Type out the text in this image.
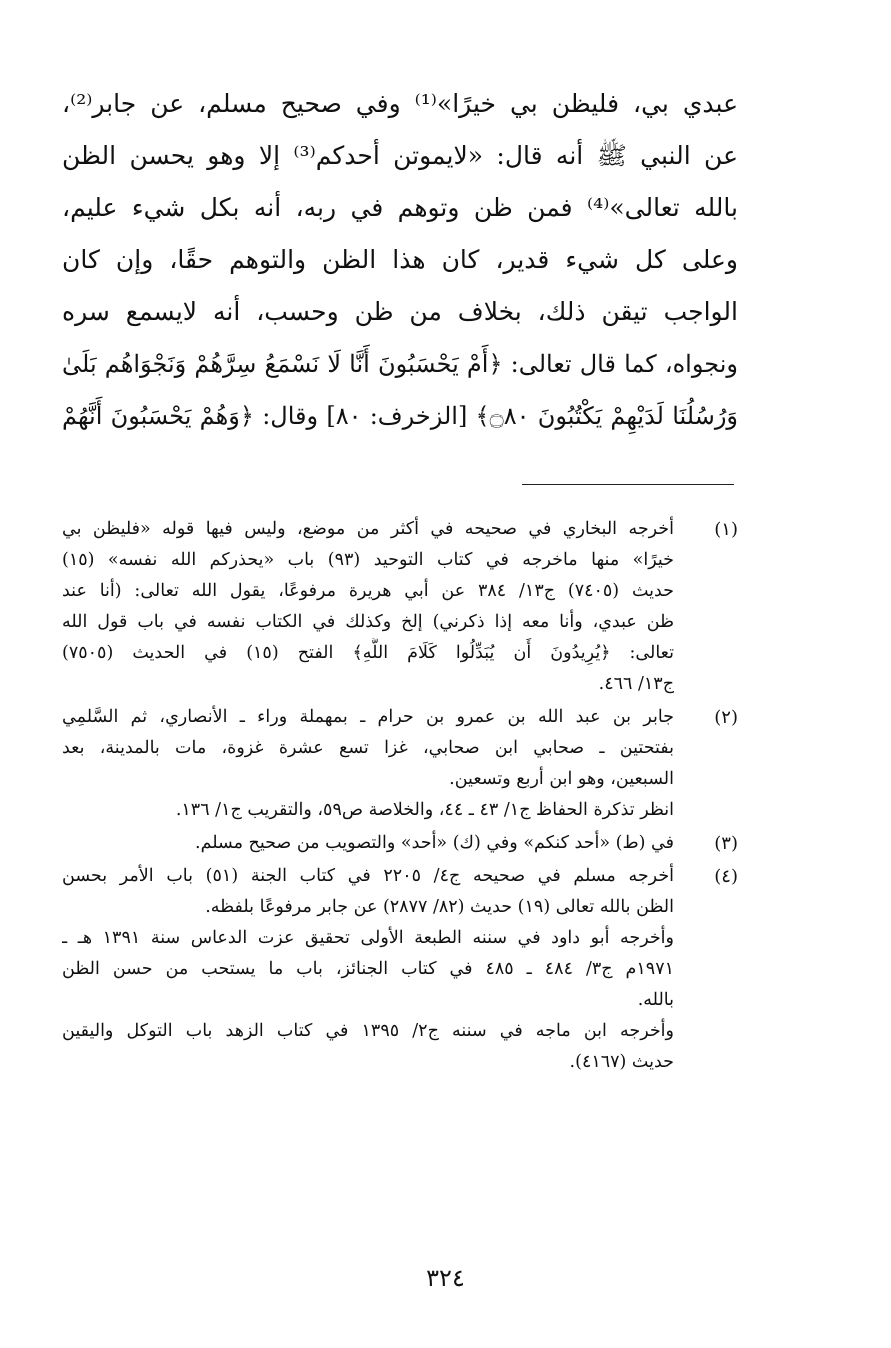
عبدي بي، فليظن بي خيرًا»⁽¹⁾ وفي صحيح مسلم، عن جابر⁽²⁾،
عن النبي ﷺ أنه قال: «لايموتن أحدكم⁽³⁾ إلا وهو يحسن الظن
بالله تعالى»⁽⁴⁾ فمن ظن وتوهم في ربه، أنه بكل شيء عليم،
وعلى كل شيء قدير، كان هذا الظن والتوهم حقًا، وإن كان
الواجب تيقن ذلك، بخلاف من ظن وحسب، أنه لايسمع سره
ونجواه، كما قال تعالى: ﴿أَمْ يَحْسَبُونَ أَنَّا لَا نَسْمَعُ سِرَّهُمْ وَنَجْوَاهُم بَلَىٰ
وَرُسُلُنَا لَدَيْهِمْ يَكْتُبُونَ ۝٨٠﴾ [الزخرف: ٨٠] وقال: ﴿وَهُمْ يَحْسَبُونَ أَنَّهُمْ
(١)
أخرجه البخاري في صحيحه في أكثر من موضع، وليس فيها قوله «فليظن بي
خيرًا» منها ماخرجه في كتاب التوحيد (٩٣) باب «يحذركم الله نفسه» (١٥)
حديث (٧٤٠٥) ج١٣/ ٣٨٤ عن أبي هريرة مرفوعًا، يقول الله تعالى: (أنا عند
ظن عبدي، وأنا معه إذا ذكرني) إلخ وكذلك في الكتاب نفسه في باب قول الله
تعالى: ﴿يُرِيدُونَ أَن يُبَدِّلُوا كَلَامَ اللَّهِ﴾ الفتح (١٥) في الحديث (٧٥٠٥)
ج١٣/ ٤٦٦.
(٢)
جابر بن عبد الله بن عمرو بن حرام ـ بمهملة وراء ـ الأنصاري، ثم السَّلمِي
بفتحتين ـ صحابي ابن صحابي، غزا تسع عشرة غزوة، مات بالمدينة، بعد
السبعين، وهو ابن أربع وتسعين.
انظر تذكرة الحفاظ ج١/ ٤٣ ـ ٤٤، والخلاصة ص٥٩، والتقريب ج١/ ١٣٦.
(٣)
في (ط) «أحد كنكم» وفي (ك) «أحد» والتصويب من صحيح مسلم.
(٤)
أخرجه مسلم في صحيحه ج٤/ ٢٢٠٥ في كتاب الجنة (٥١) باب الأمر بحسن
الظن بالله تعالى (١٩) حديث (٨٢/ ٢٨٧٧) عن جابر مرفوعًا بلفظه.
وأخرجه أبو داود في سننه الطبعة الأولى تحقيق عزت الدعاس سنة ١٣٩١ هـ ـ
١٩٧١م ج٣/ ٤٨٤ ـ ٤٨٥ في كتاب الجنائز، باب ما يستحب من حسن الظن
بالله.
وأخرجه ابن ماجه في سننه ج٢/ ١٣٩٥ في كتاب الزهد باب التوكل واليقين
حديث (٤١٦٧).
٣٢٤
